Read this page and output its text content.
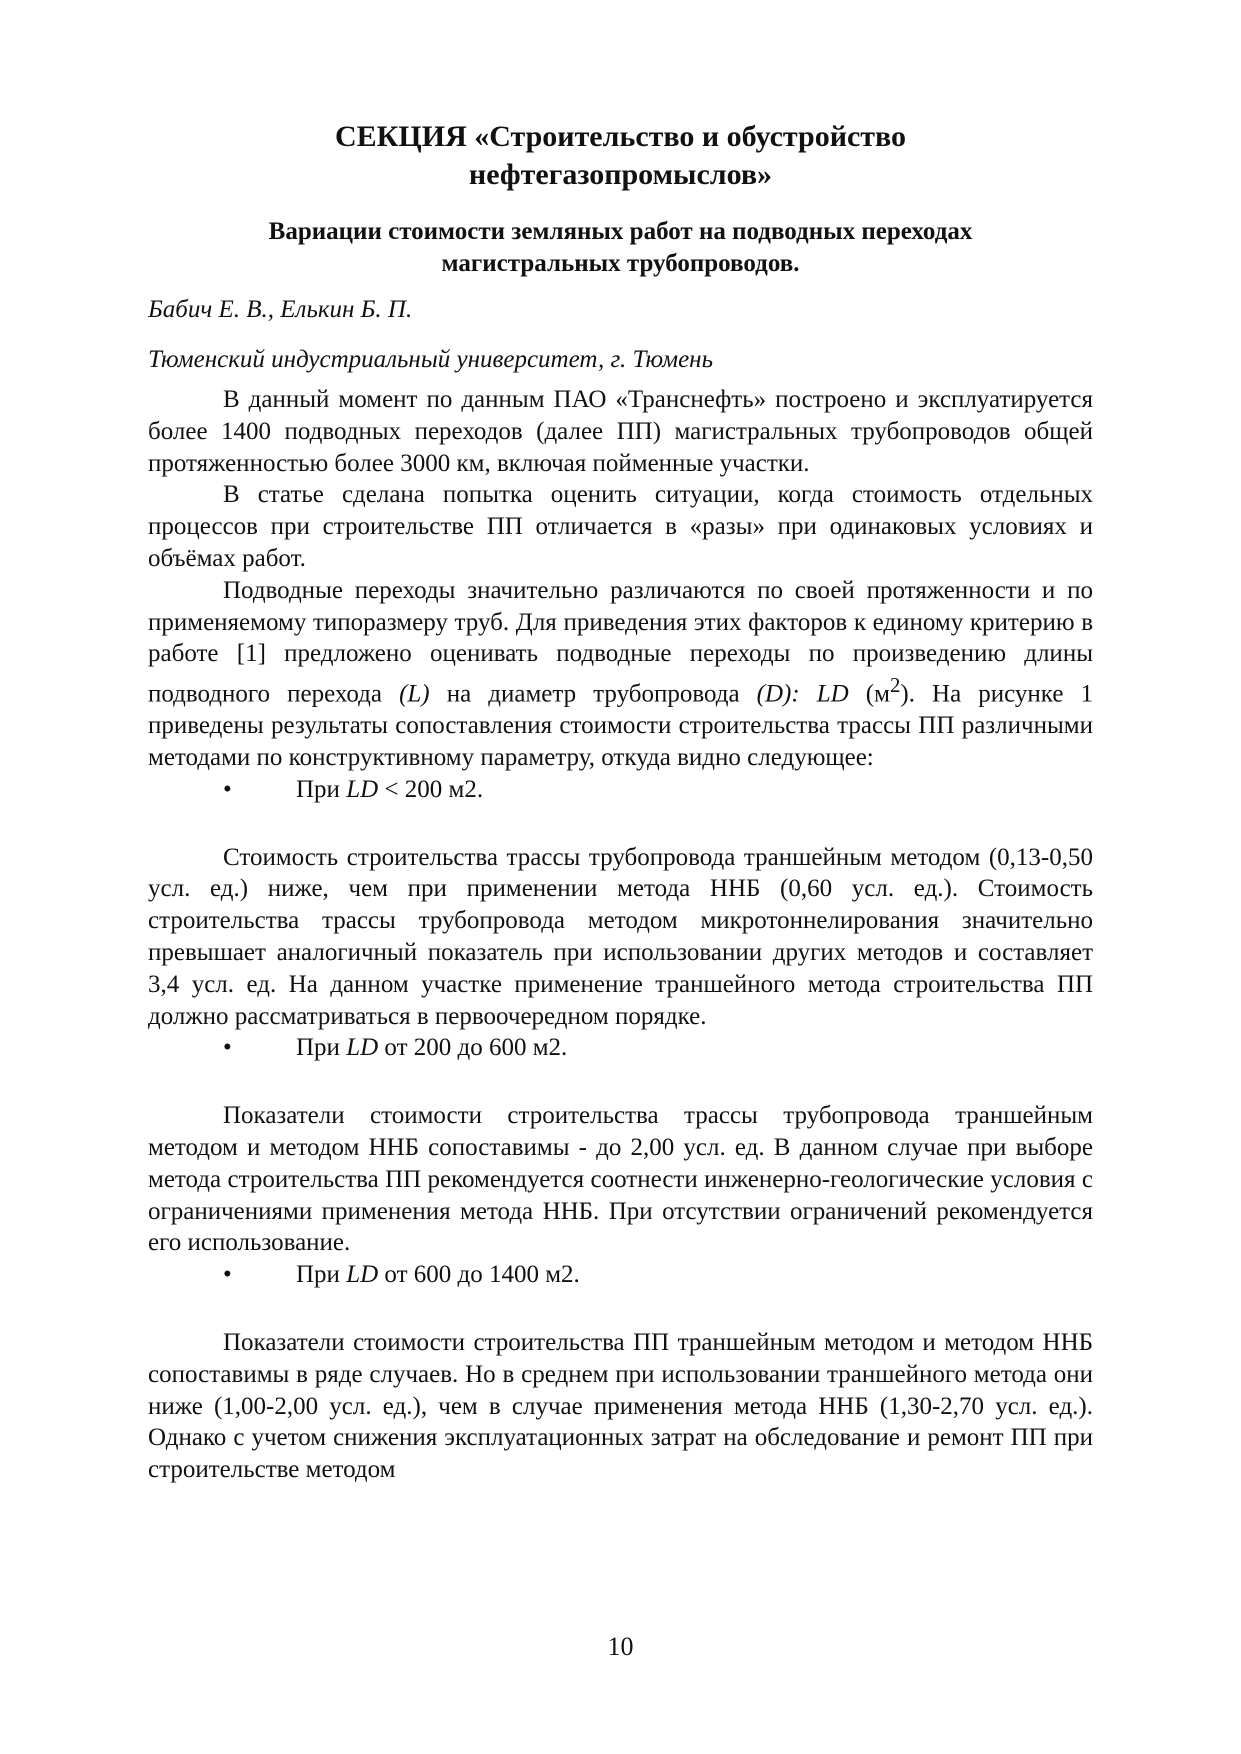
СЕКЦИЯ «Строительство и обустройство
нефтегазопромыслов»
Вариации стоимости земляных работ на подводных переходах
магистральных трубопроводов.

Бабич Е. В., Елькин Б. П.

Тюменский индустриальный университет, г. Тюмень

В данный момент по данным ПАО «Транснефть» построено и эксплуатируется более 1400 подводных переходов (далее ПП) магистральных трубопроводов общей протяженностью более 3000 км, включая пойменные участки.

В статье сделана попытка оценить ситуации, когда стоимость отдельных процессов при строительстве ПП отличается в «разы» при одинаковых условиях и объёмах работ.

Подводные переходы значительно различаются по своей протяженности и по применяемому типоразмеру труб. Для приведения этих факторов к единому критерию в работе [1] предложено оценивать подводные переходы по произведению длины подводного перехода (L) на диаметр трубопровода (D): LD $(м^2)$. На рисунке 1 приведены результаты сопоставления стоимости строительства трассы ПП различными методами по конструктивному параметру, откуда видно следующее:

•	При LD < 200 м2.

Стоимость строительства трассы трубопровода траншейным методом (0,13-0,50 усл. ед.) ниже, чем при применении метода ННБ (0,60 усл. ед.). Стоимость строительства трассы трубопровода методом микротоннелирования значительно превышает аналогичный показатель при использовании других методов и составляет 3,4 усл. ед. На данном участке применение траншейного метода строительства ПП должно рассматриваться в первоочередном порядке.

•	При LD от 200 до 600 м2.

Показатели стоимости строительства трассы трубопровода траншейным методом и методом ННБ сопоставимы - до 2,00 усл. ед. В данном случае при выборе метода строительства ПП рекомендуется соотнести инженерно-геологические условия с ограничениями применения метода ННБ. При отсутствии ограничений рекомендуется его использование.

•	При LD от 600 до 1400 м2.

Показатели стоимости строительства ПП траншейным методом и методом ННБ сопоставимы в ряде случаев. Но в среднем при использовании траншейного метода они ниже (1,00-2,00 усл. ед.), чем в случае применения метода ННБ (1,30-2,70 усл. ед.). Однако с учетом снижения эксплуатационных затрат на обследование и ремонт ПП при строительстве методом

10
